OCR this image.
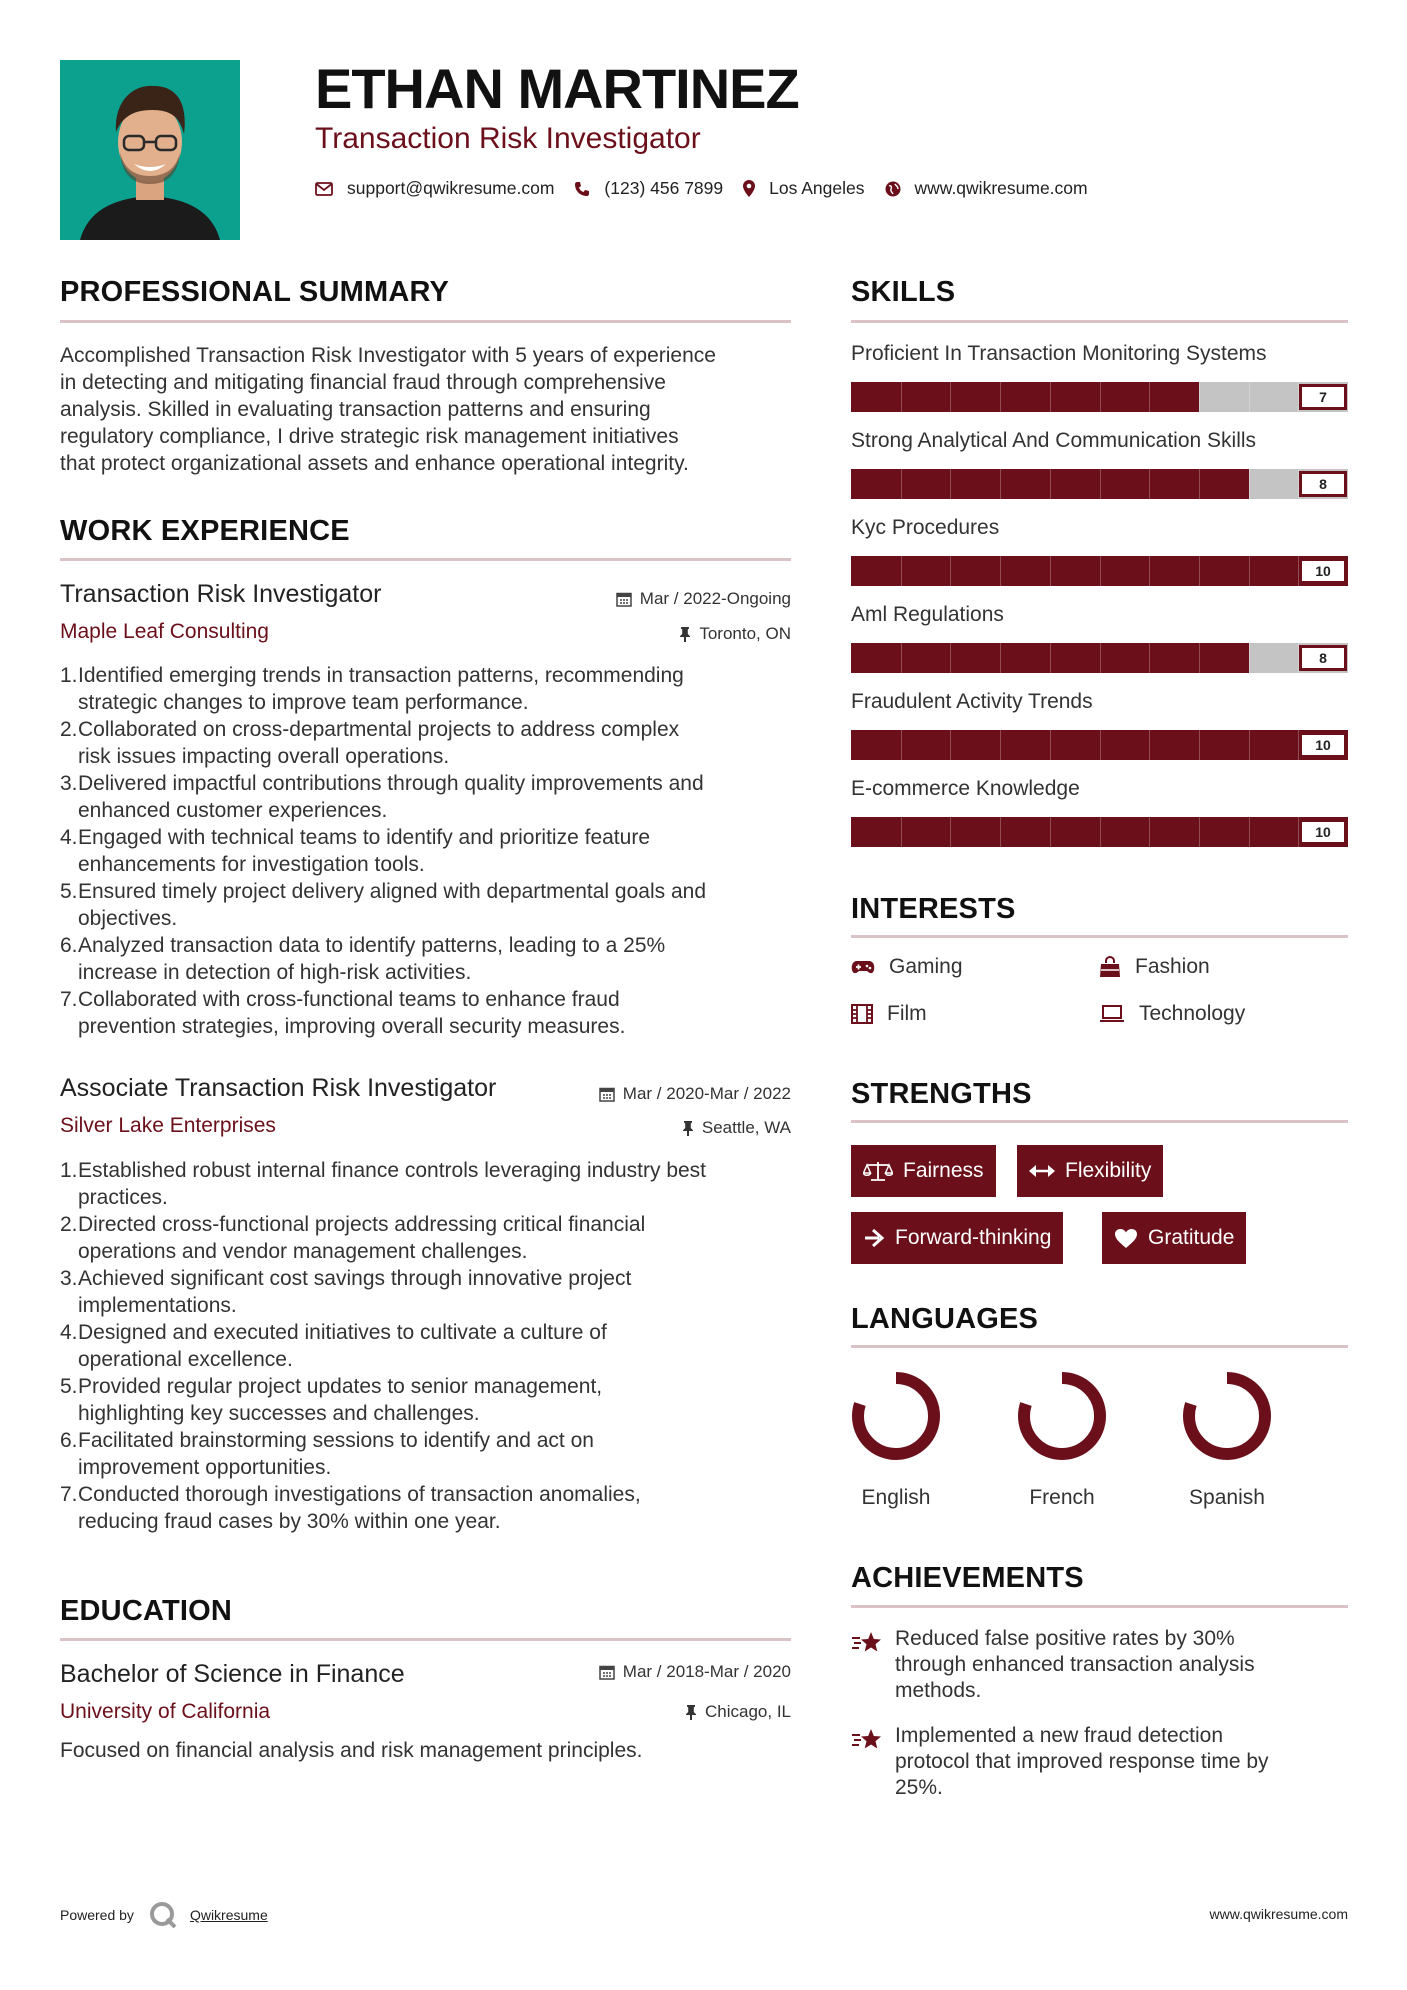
ETHAN MARTINEZ
Transaction Risk Investigator
support@qwikresume.com	(123) 456 7899	Los Angeles	www.qwikresume.com
PROFESSIONAL SUMMARY
Accomplished Transaction Risk Investigator with 5 years of experience
in detecting and mitigating financial fraud through comprehensive
analysis. Skilled in evaluating transaction patterns and ensuring
regulatory compliance, I drive strategic risk management initiatives
that protect organizational assets and enhance operational integrity.
WORK EXPERIENCE
Transaction Risk Investigator	Mar / 2022-Ongoing
Maple Leaf Consulting	Toronto, ON
1. Identified emerging trends in transaction patterns, recommending
strategic changes to improve team performance.
2. Collaborated on cross-departmental projects to address complex
risk issues impacting overall operations.
3. Delivered impactful contributions through quality improvements and
enhanced customer experiences.
4. Engaged with technical teams to identify and prioritize feature
enhancements for investigation tools.
5. Ensured timely project delivery aligned with departmental goals and
objectives.
6. Analyzed transaction data to identify patterns, leading to a 25%
increase in detection of high-risk activities.
7. Collaborated with cross-functional teams to enhance fraud
prevention strategies, improving overall security measures.
Associate Transaction Risk Investigator	Mar / 2020-Mar / 2022
Silver Lake Enterprises	Seattle, WA
1. Established robust internal finance controls leveraging industry best
practices.
2. Directed cross-functional projects addressing critical financial
operations and vendor management challenges.
3. Achieved significant cost savings through innovative project
implementations.
4. Designed and executed initiatives to cultivate a culture of
operational excellence.
5. Provided regular project updates to senior management,
highlighting key successes and challenges.
6. Facilitated brainstorming sessions to identify and act on
improvement opportunities.
7. Conducted thorough investigations of transaction anomalies,
reducing fraud cases by 30% within one year.
EDUCATION
Bachelor of Science in Finance	Mar / 2018-Mar / 2020
University of California	Chicago, IL
Focused on financial analysis and risk management principles.
SKILLS
Proficient In Transaction Monitoring Systems
7
Strong Analytical And Communication Skills
8
Kyc Procedures
10
Aml Regulations
8
Fraudulent Activity Trends
10
E-commerce Knowledge
10
INTERESTS
Gaming	Fashion
Film	Technology
STRENGTHS
Fairness	Flexibility
Forward-thinking	Gratitude
LANGUAGES
English	French	Spanish
ACHIEVEMENTS
Reduced false positive rates by 30%
through enhanced transaction analysis
methods.
Implemented a new fraud detection
protocol that improved response time by
25%.
Powered by	Qwikresume	www.qwikresume.com
